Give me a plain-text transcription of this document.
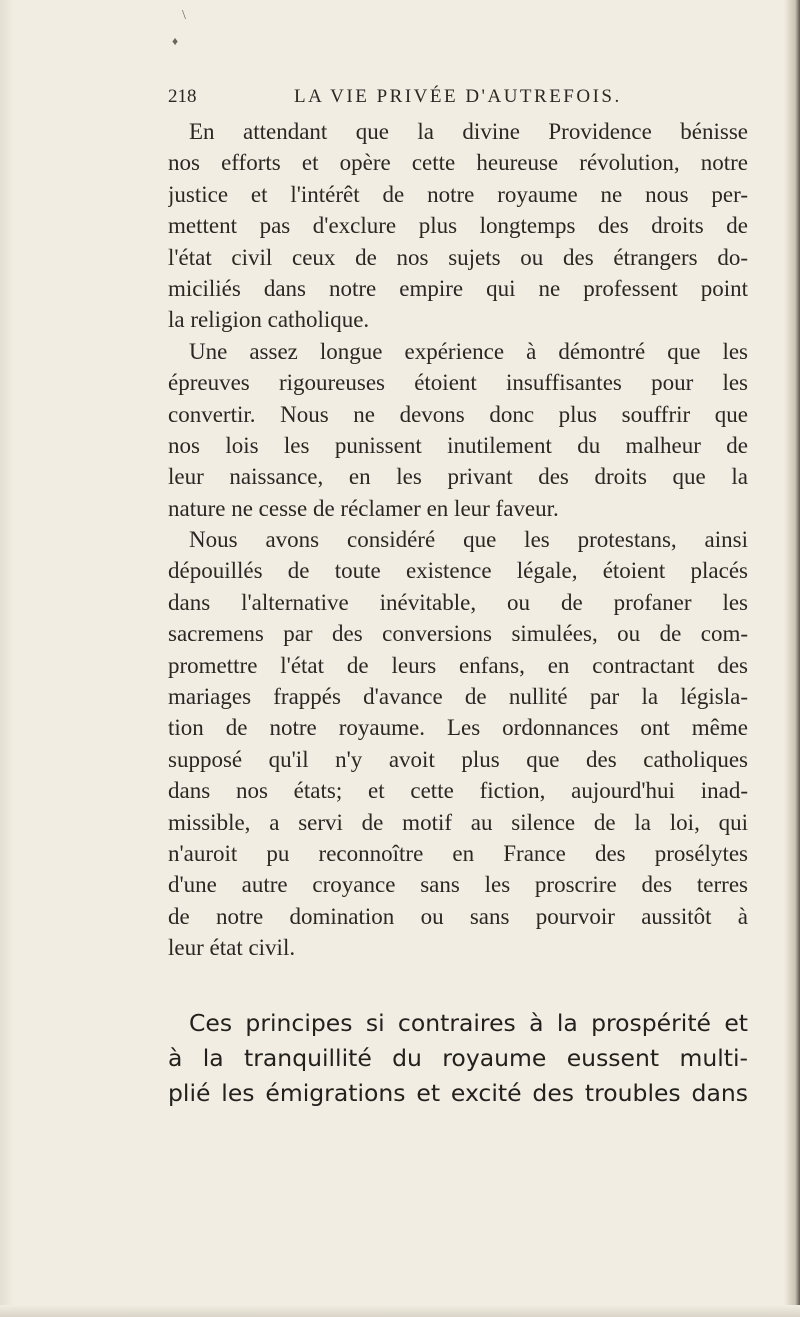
\
♦
218	LA VIE PRIVÉE D'AUTREFOIS.
En attendant que la divine Providence bénisse
nos efforts et opère cette heureuse révolution, notre
justice et l'intérêt de notre royaume ne nous per-
mettent pas d'exclure plus longtemps des droits de
l'état civil ceux de nos sujets ou des étrangers do-
miciliés dans notre empire qui ne professent point
la religion catholique.
Une assez longue expérience à démontré que les
épreuves rigoureuses étoient insuffisantes pour les
convertir. Nous ne devons donc plus souffrir que
nos lois les punissent inutilement du malheur de
leur naissance, en les privant des droits que la
nature ne cesse de réclamer en leur faveur.
Nous avons considéré que les protestans, ainsi
dépouillés de toute existence légale, étoient placés
dans l'alternative inévitable, ou de profaner les
sacremens par des conversions simulées, ou de com-
promettre l'état de leurs enfans, en contractant des
mariages frappés d'avance de nullité par la législa-
tion de notre royaume. Les ordonnances ont même
supposé qu'il n'y avoit plus que des catholiques
dans nos états; et cette fiction, aujourd'hui inad-
missible, a servi de motif au silence de la loi, qui
n'auroit pu reconnoître en France des prosélytes
d'une autre croyance sans les proscrire des terres
de notre domination ou sans pourvoir aussitôt à
leur état civil.
Ces principes si contraires à la prospérité et
à la tranquillité du royaume eussent multi-
plié les émigrations et excité des troubles dans
